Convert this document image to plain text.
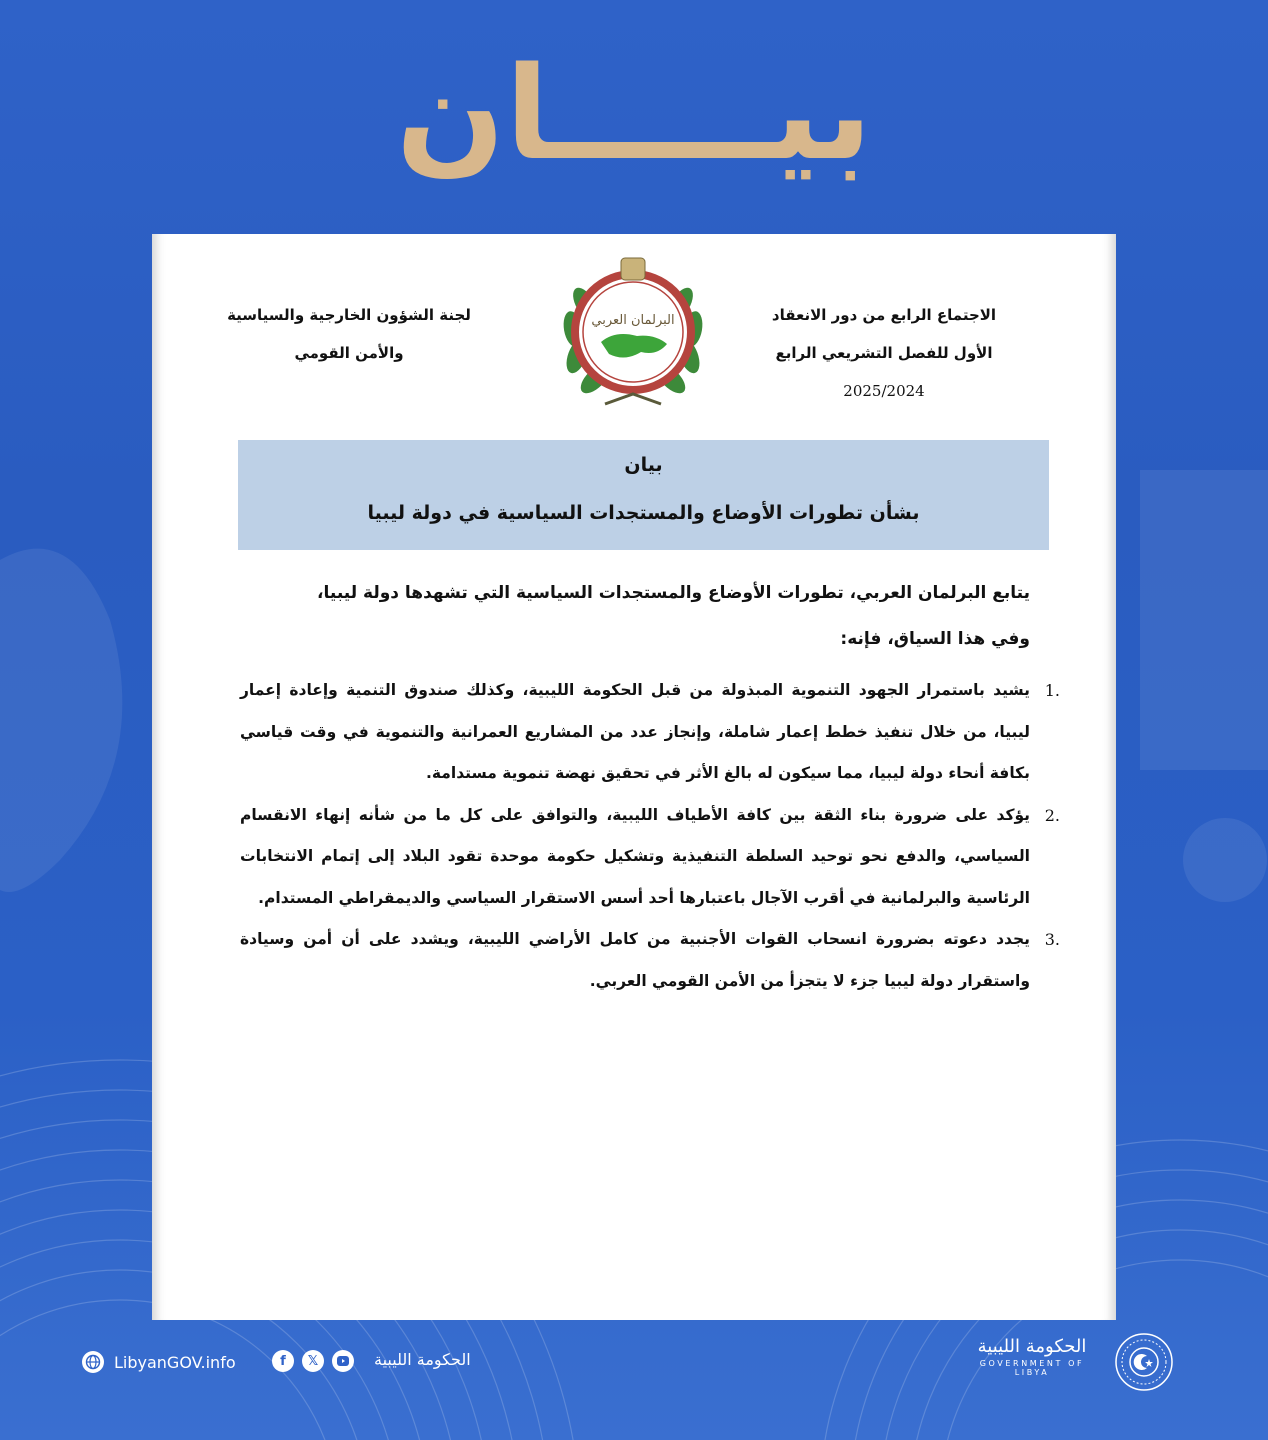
بيـــــان
الاجتماع الرابع من دور الانعقاد
الأول للفصل التشريعي الرابع
2025/2024
البرلمان العربي
لجنة الشؤون الخارجية والسياسية
والأمن القومي
بيان
بشأن تطورات الأوضاع والمستجدات السياسية في دولة ليبيا
يتابع البرلمان العربي، تطورات الأوضاع والمستجدات السياسية التي تشهدها دولة ليبيا،
وفي هذا السياق، فإنه:
1.
يشيد باستمرار الجهود التنموية المبذولة من قبل الحكومة الليبية، وكذلك صندوق التنمية وإعادة إعمار ليبيا، من خلال تنفيذ خطط إعمار شاملة، وإنجاز عدد من المشاريع العمرانية والتنموية في وقت قياسي بكافة أنحاء دولة ليبيا، مما سيكون له بالغ الأثر في تحقيق نهضة تنموية مستدامة.
2.
يؤكد على ضرورة بناء الثقة بين كافة الأطياف الليبية، والتوافق على كل ما من شأنه إنهاء الانقسام السياسي، والدفع نحو توحيد السلطة التنفيذية وتشكيل حكومة موحدة تقود البلاد إلى إتمام الانتخابات الرئاسية والبرلمانية في أقرب الآجال باعتبارها أحد أسس الاستقرار السياسي والديمقراطي المستدام.
3.
يجدد دعوته بضرورة انسحاب القوات الأجنبية من كامل الأراضي الليبية، ويشدد على أن أمن وسيادة واستقرار دولة ليبيا جزء لا يتجزأ من الأمن القومي العربي.
LibyanGOV.info	f	𝕏	الحكومة الليبية
الحكومة الليبية
GOVERNMENT OF LIBYA
